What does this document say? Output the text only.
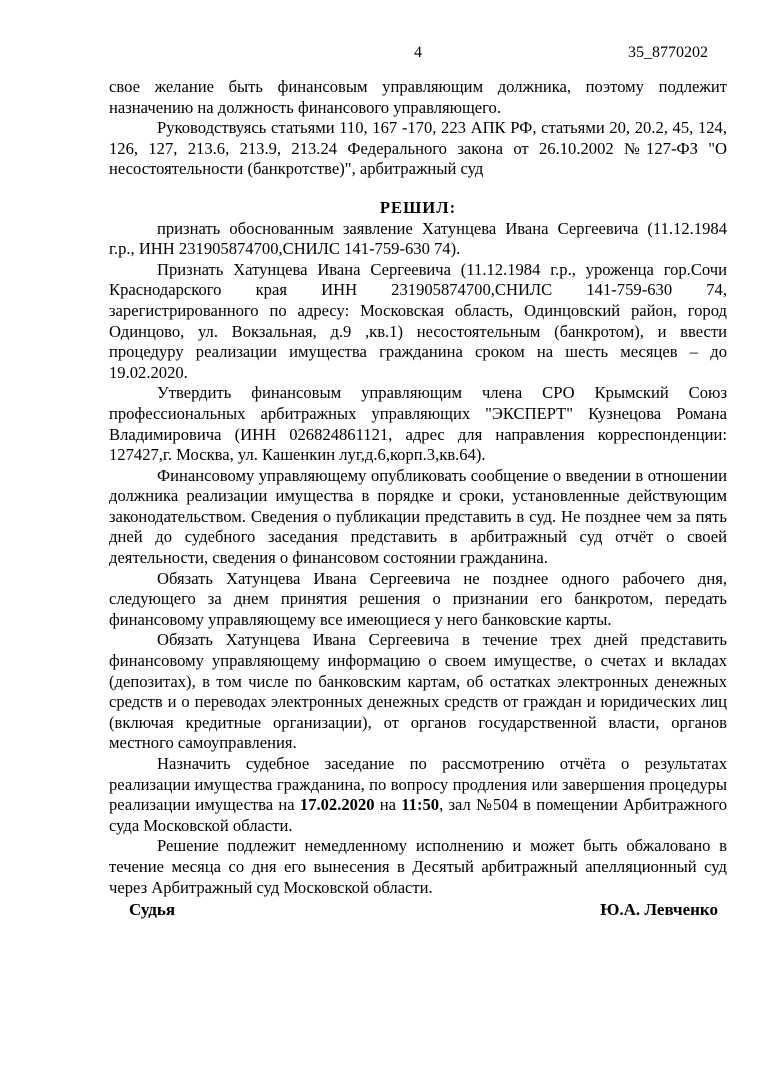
4	35_8770202

свое желание быть финансовым управляющим должника, поэтому подлежит назначению на должность финансового управляющего.

Руководствуясь статьями 110, 167 -170, 223 АПК РФ, статьями 20, 20.2, 45, 124, 126, 127, 213.6, 213.9, 213.24 Федерального закона от 26.10.2002 №127-ФЗ "О несостоятельности (банкротстве)", арбитражный суд

РЕШИЛ:

признать обоснованным заявление Хатунцева Ивана Сергеевича (11.12.1984 г.р., ИНН 231905874700,СНИЛС 141-759-630 74).

Признать Хатунцева Ивана Сергеевича (11.12.1984 г.р., уроженца гор.Сочи Краснодарского края ИНН 231905874700,СНИЛС 141-759-630 74, зарегистрированного по адресу: Московская область, Одинцовский район, город Одинцово, ул. Вокзальная, д.9 ,кв.1) несостоятельным (банкротом), и ввести процедуру реализации имущества гражданина сроком на шесть месяцев – до 19.02.2020.

Утвердить финансовым управляющим члена СРО Крымский Союз профессиональных арбитражных управляющих "ЭКСПЕРТ" Кузнецова Романа Владимировича (ИНН 026824861121, адрес для направления корреспонденции: 127427,г. Москва, ул. Кашенкин луг,д.6,корп.3,кв.64).

Финансовому управляющему опубликовать сообщение о введении в отношении должника реализации имущества в порядке и сроки, установленные действующим законодательством. Сведения о публикации представить в суд. Не позднее чем за пять дней до судебного заседания представить в арбитражный суд отчёт о своей деятельности, сведения о финансовом состоянии гражданина.

Обязать Хатунцева Ивана Сергеевича не позднее одного рабочего дня, следующего за днем принятия решения о признании его банкротом, передать финансовому управляющему все имеющиеся у него банковские карты.

Обязать Хатунцева Ивана Сергеевича в течение трех дней представить финансовому управляющему информацию о своем имуществе, о счетах и вкладах (депозитах), в том числе по банковским картам, об остатках электронных денежных средств и о переводах электронных денежных средств от граждан и юридических лиц (включая кредитные организации), от органов государственной власти, органов местного самоуправления.

Назначить судебное заседание по рассмотрению отчёта о результатах реализации имущества гражданина, по вопросу продления или завершения процедуры реализации имущества на 17.02.2020 на 11:50, зал №504 в помещении Арбитражного суда Московской области.

Решение подлежит немедленному исполнению и может быть обжаловано в течение месяца со дня его вынесения в Десятый арбитражный апелляционный суд через Арбитражный суд Московской области.

Судья	Ю.А. Левченко
